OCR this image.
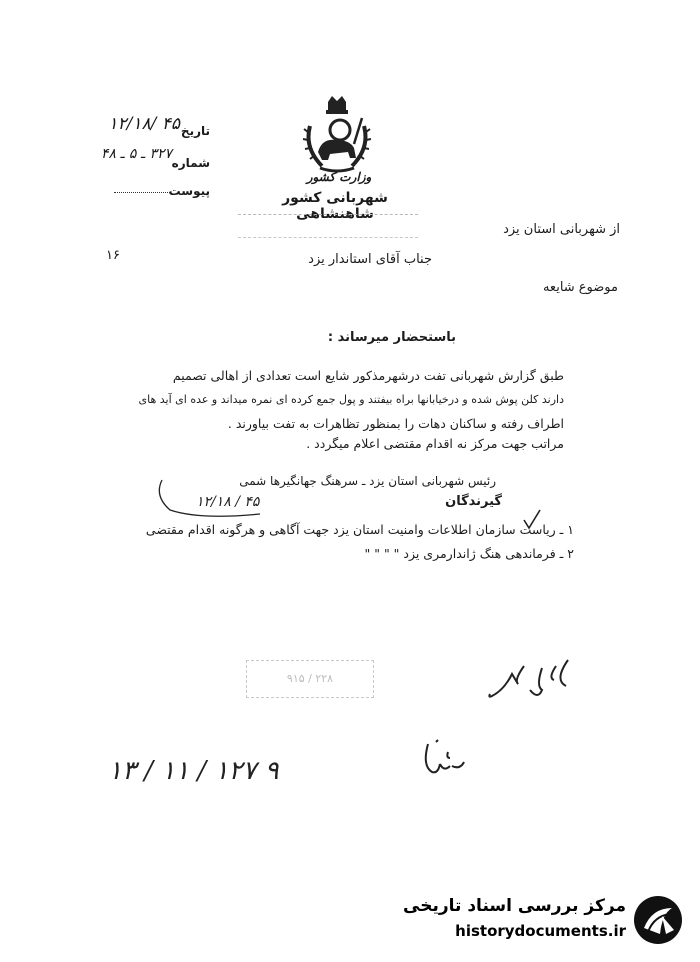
تاریخ
۱۲/۱۸/ ۴۵
شماره
۳۲۷ ـ ۵ ـ ۴۸
پیوست
وزارت کشور
شهربانی کشور شاهنشاهی
از شهربانی استان یزد
۱۶	جناب آقای استاندار یزد
موضوع شایعه
باستحضار میرساند :
طبق گزارش شهربانی تفت درشهرمذکور شایع است تعدادی از اهالی تصمیم
دارند کلن پوش شده و درخیابانها براه بیفتند و پول جمع کرده ای نمره میداند و عده ای آید های
اطراف رفته و ساکنان دهات را بمنظور تظاهرات به تفت بیاورند .
مراتب جهت مرکز نه اقدام مقتضی اعلام میگردد .
رئیس شهربانی استان یزد ـ سرهنگ جهانگیرها شمی
۱۲/۱۸ / ۴۵	گیرندگان
۱ ـ ریاست سازمان اطلاعات وامنیت استان یزد جهت آگاهی و هرگونه اقدام مقتضی
۲ ـ فرماندهی هنگ ژاندارمری یزد " " " "
۹۱۵ / ۲۲۸
۱۳ / ۱۱ / ۱۲۷ ۹
مرکز بررسی اسناد تاریخی
historydocuments.ir
